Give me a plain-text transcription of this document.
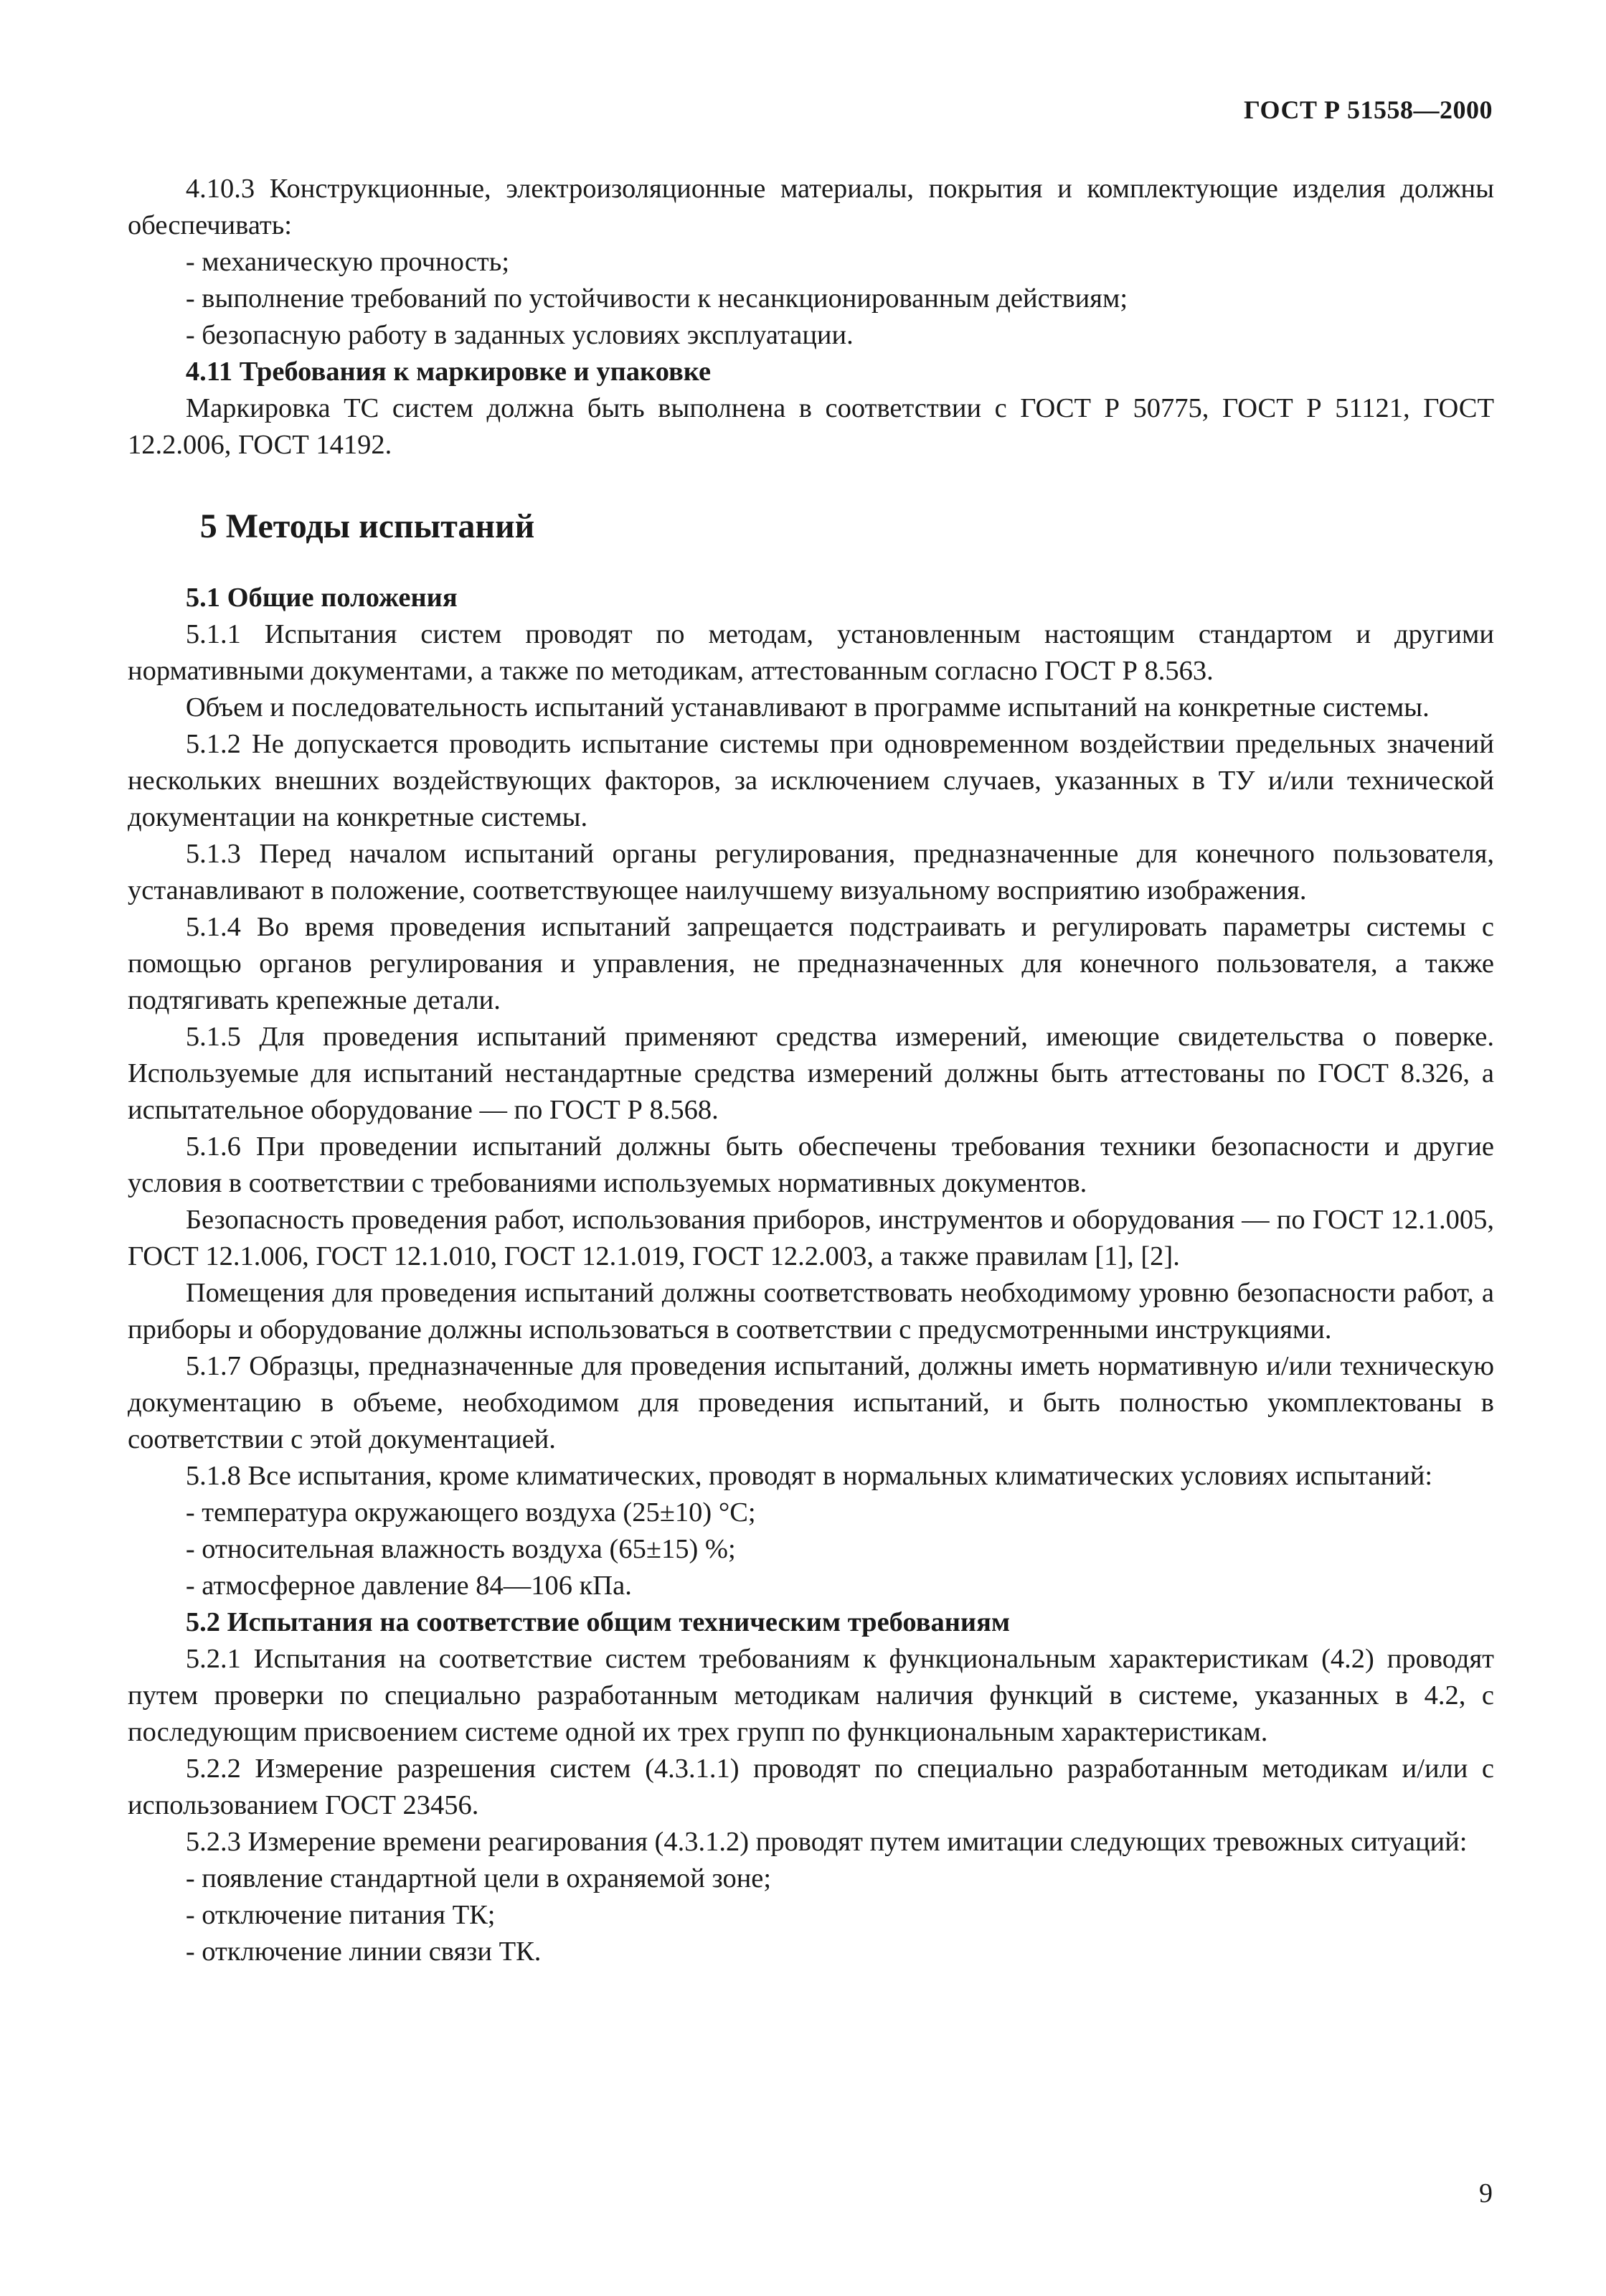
ГОСТ Р 51558—2000

4.10.3 Конструкционные, электроизоляционные материалы, покрытия и комплектующие изделия должны обеспечивать:

- механическую прочность;

- выполнение требований по устойчивости к несанкционированным действиям;

- безопасную работу в заданных условиях эксплуатации.

4.11 Требования к маркировке и упаковке

Маркировка ТС систем должна быть выполнена в соответствии с ГОСТ Р 50775, ГОСТ Р 51121, ГОСТ 12.2.006, ГОСТ 14192.

5 Методы испытаний

5.1 Общие положения

5.1.1 Испытания систем проводят по методам, установленным настоящим стандартом и другими нормативными документами, а также по методикам, аттестованным согласно ГОСТ Р 8.563.

Объем и последовательность испытаний устанавливают в программе испытаний на конкретные системы.

5.1.2 Не допускается проводить испытание системы при одновременном воздействии предельных значений нескольких внешних воздействующих факторов, за исключением случаев, указанных в ТУ и/или технической документации на конкретные системы.

5.1.3 Перед началом испытаний органы регулирования, предназначенные для конечного пользователя, устанавливают в положение, соответствующее наилучшему визуальному восприятию изображения.

5.1.4 Во время проведения испытаний запрещается подстраивать и регулировать параметры системы с помощью органов регулирования и управления, не предназначенных для конечного пользователя, а также подтягивать крепежные детали.

5.1.5 Для проведения испытаний применяют средства измерений, имеющие свидетельства о поверке. Используемые для испытаний нестандартные средства измерений должны быть аттестованы по ГОСТ 8.326, а испытательное оборудование — по ГОСТ Р 8.568.

5.1.6 При проведении испытаний должны быть обеспечены требования техники безопасности и другие условия в соответствии с требованиями используемых нормативных документов.

Безопасность проведения работ, использования приборов, инструментов и оборудования — по ГОСТ 12.1.005, ГОСТ 12.1.006, ГОСТ 12.1.010, ГОСТ 12.1.019, ГОСТ 12.2.003, а также правилам [1], [2].

Помещения для проведения испытаний должны соответствовать необходимому уровню безопасности работ, а приборы и оборудование должны использоваться в соответствии с предусмотренными инструкциями.

5.1.7 Образцы, предназначенные для проведения испытаний, должны иметь нормативную и/или техническую документацию в объеме, необходимом для проведения испытаний, и быть полностью укомплектованы в соответствии с этой документацией.

5.1.8 Все испытания, кроме климатических, проводят в нормальных климатических условиях испытаний:

- температура окружающего воздуха (25±10) °С;

- относительная влажность воздуха (65±15) %;

- атмосферное давление 84—106 кПа.

5.2 Испытания на соответствие общим техническим требованиям

5.2.1 Испытания на соответствие систем требованиям к функциональным характеристикам (4.2) проводят путем проверки по специально разработанным методикам наличия функций в системе, указанных в 4.2, с последующим присвоением системе одной их трех групп по функциональным характеристикам.

5.2.2 Измерение разрешения систем (4.3.1.1) проводят по специально разработанным методикам и/или с использованием ГОСТ 23456.

5.2.3 Измерение времени реагирования (4.3.1.2) проводят путем имитации следующих тревожных ситуаций:

- появление стандартной цели в охраняемой зоне;

- отключение питания ТК;

- отключение линии связи ТК.

9
